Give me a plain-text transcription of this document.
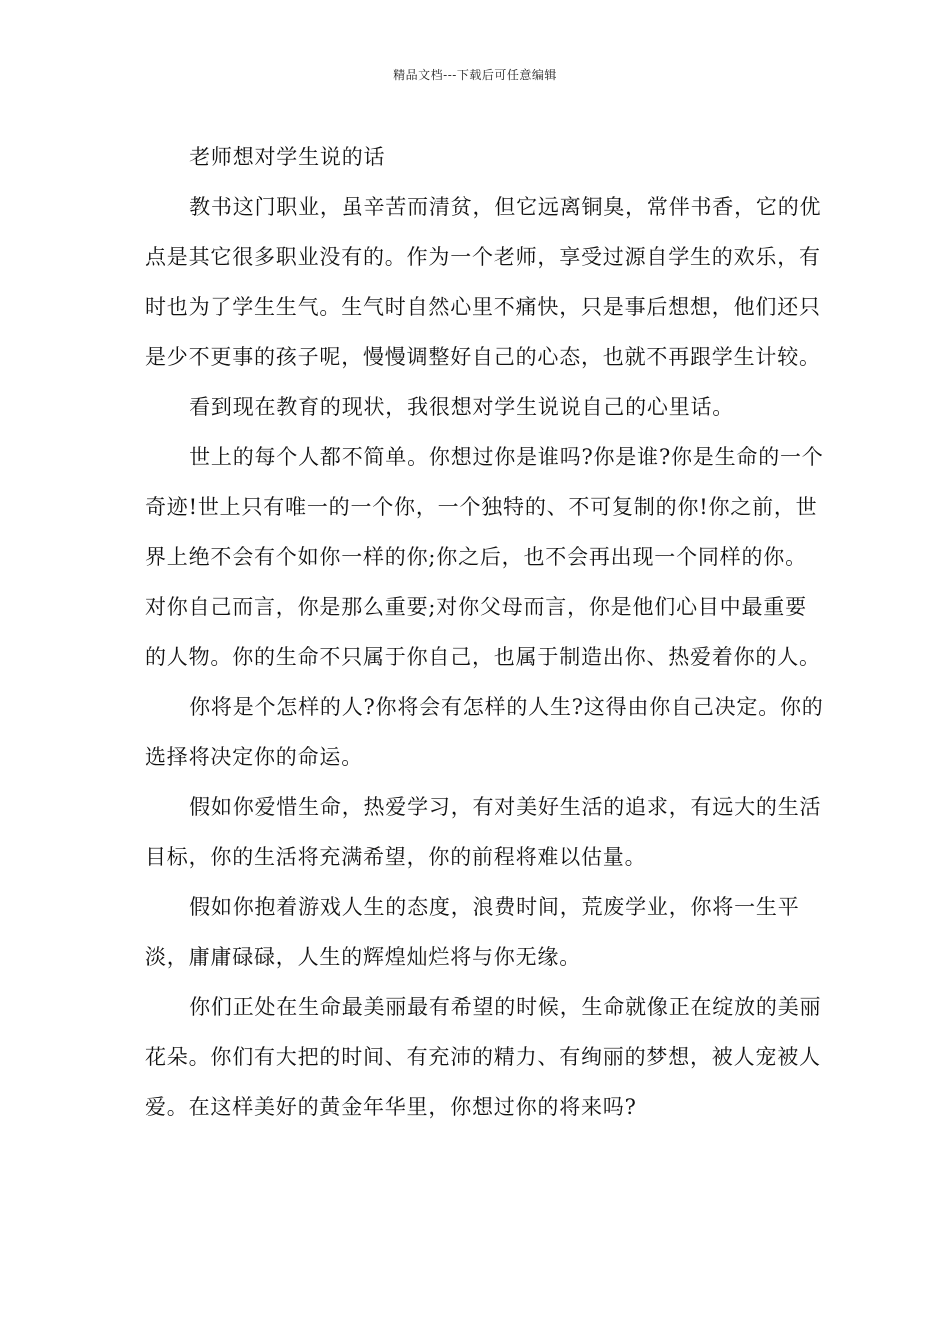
精品文档---下载后可任意编辑

老师想对学生说的话

教书这门职业，虽辛苦而清贫，但它远离铜臭，常伴书香，它的优点是其它很多职业没有的。作为一个老师，享受过源自学生的欢乐，有时也为了学生生气。生气时自然心里不痛快，只是事后想想，他们还只是少不更事的孩子呢，慢慢调整好自己的心态，也就不再跟学生计较。

看到现在教育的现状，我很想对学生说说自己的心里话。

世上的每个人都不简单。你想过你是谁吗?你是谁?你是生命的一个奇迹!世上只有唯一的一个你，一个独特的、不可复制的你!你之前，世界上绝不会有个如你一样的你;你之后，也不会再出现一个同样的你。对你自己而言，你是那么重要;对你父母而言，你是他们心目中最重要的人物。你的生命不只属于你自己，也属于制造出你、热爱着你的人。

你将是个怎样的人?你将会有怎样的人生?这得由你自己决定。你的选择将决定你的命运。

假如你爱惜生命，热爱学习，有对美好生活的追求，有远大的生活目标，你的生活将充满希望，你的前程将难以估量。

假如你抱着游戏人生的态度，浪费时间，荒废学业，你将一生平淡，庸庸碌碌，人生的辉煌灿烂将与你无缘。

你们正处在生命最美丽最有希望的时候，生命就像正在绽放的美丽花朵。你们有大把的时间、有充沛的精力、有绚丽的梦想，被人宠被人爱。在这样美好的黄金年华里，你想过你的将来吗?
